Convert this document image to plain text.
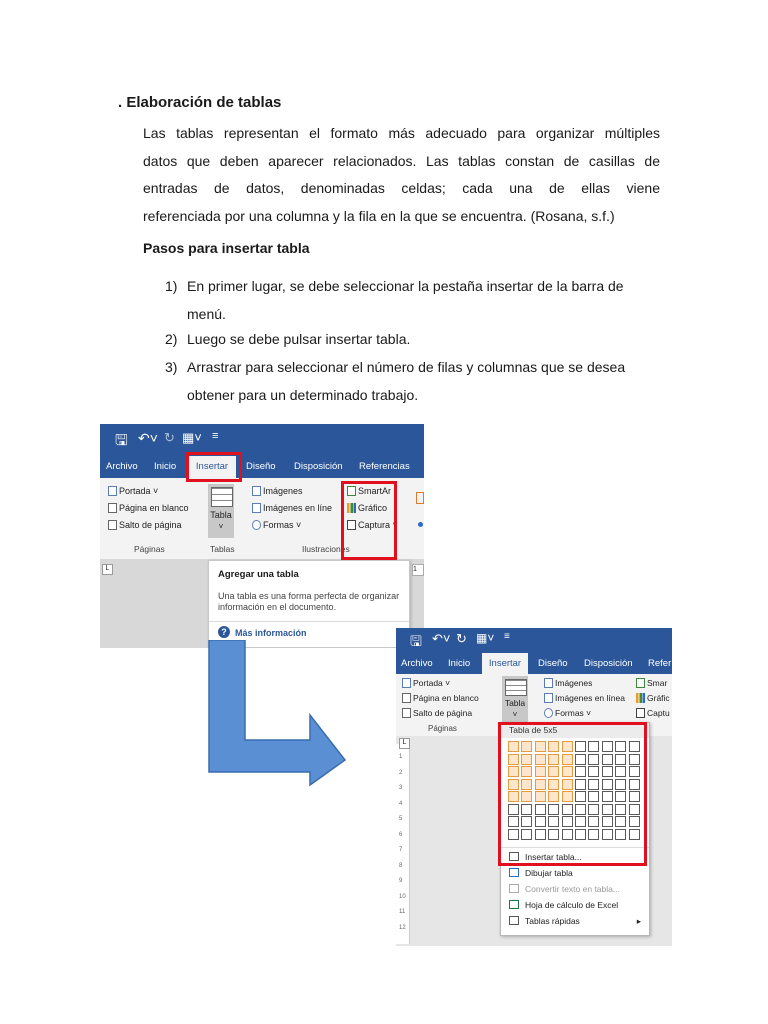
. Elaboración de tablas
Las tablas representan el formato más adecuado para organizar múltiples
datos que deben aparecer relacionados. Las tablas constan de casillas de
entradas de datos, denominadas celdas; cada una de ellas viene
referenciada por una columna y la fila en la que se encuentra. (Rosana, s.f.)
Pasos para insertar tabla
1) En primer lugar, se debe seleccionar la pestaña insertar de la barra de
menú.
2) Luego se debe pulsar insertar tabla.
3) Arrastrar para seleccionar el número de filas y columnas que se desea
obtener para un determinado trabajo.
🖫 ↶˅ ↻ ▦˅ ≡
Archivo Inicio	Insertar	Diseño Disposición Referencias
Portada ˅
Página en blanco
Salto de página
Páginas
Tabla
˅
Tablas
Imágenes
Imágenes en líne
Formas ˅
Ilustraciones
SmartAr
Gráfico
Captura ˅
L
Agregar una tabla
Una tabla es una forma perfecta de organizar
información en el documento.
? Más información
1
1
2
3
4
5
6
7
8
9
10
11
12
🖫 ↶˅ ↻ ▦˅ ≡
Archivo Inicio	Insertar	Diseño Disposición Refer
Portada ˅
Página en blanco
Salto de página
Páginas
Tabla
˅
Imágenes
Imágenes en línea
Formas ˅
Smar
Gráfic
Captu
L
Tabla de 5x5
Insertar tabla...
Dibujar tabla
Convertir texto en tabla...
Hoja de cálculo de Excel
Tablas rápidas	▸
